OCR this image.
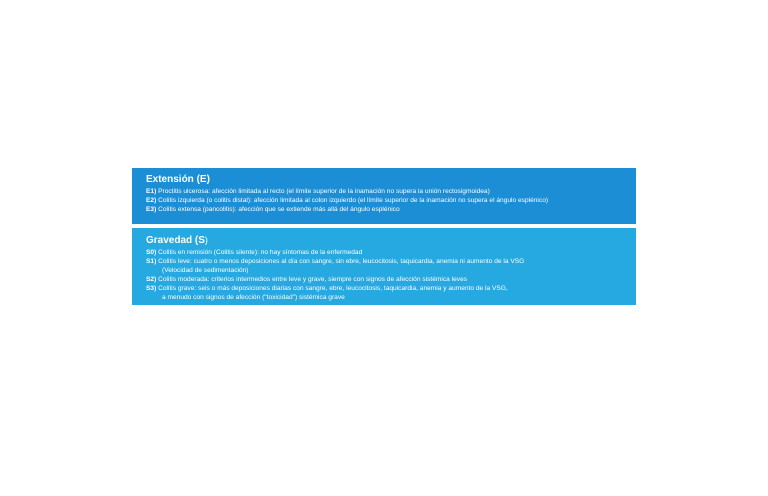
Extensión (E)
E1) Proctitis ulcerosa: afección limitada al recto (el límite superior de la inamación no supera la unión rectosigmoidea)
E2) Colitis izquierda (o colitis distal): afección limitada al colon izquierdo (el límite superior de la inamación no supera el ángulo esplénico)
E3) Colitis extensa (pancolitis): afección que se extiende más allá del ángulo esplénico
Gravedad (S)
S0) Colitis en remisión (Colitis silente): no hay síntomas de la enfermedad
S1) Colitis leve: cuatro o menos deposiciones al día con sangre, sin ebre, leucocitosis, taquicardia, anemia ni aumento de la VSG
(Velocidad de sedimentación)
S2) Colitis moderada: criterios intermedios entre leve y grave, siempre con signos de afección sistémica leves
S3) Colitis grave: seis o más deposiciones diarias con sangre, ebre, leucocitosis, taquicardia, anemia y aumento de la VSG,
a menudo con signos de afección ("toxicidad") sistémica grave
